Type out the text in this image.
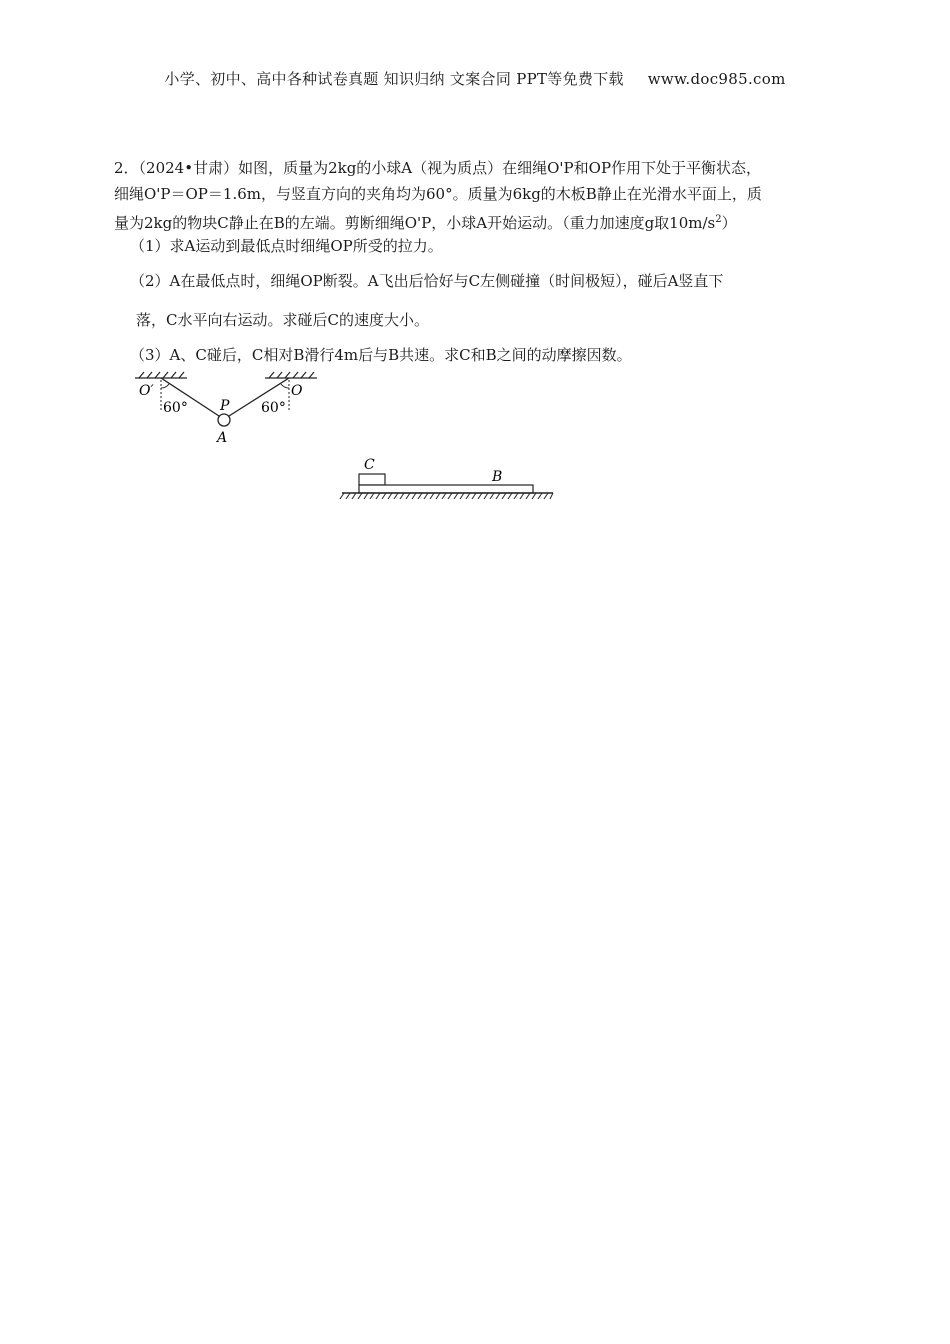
小学、初中、高中各种试卷真题 知识归纳 文案合同 PPT等免费下载 www.doc985.com
2．（2024•甘肃）如图，质量为2kg的小球A（视为质点）在细绳O'P和OP作用下处于平衡状态，
细绳O'P＝OP＝1.6m，与竖直方向的夹角均为60°。质量为6kg的木板B静止在光滑水平面上，质
量为2kg的物块C静止在B的左端。剪断细绳O'P，小球A开始运动。（重力加速度g取$10m/s^2$）
（1）求A运动到最低点时细绳OP所受的拉力。
（2）A在最低点时，细绳OP断裂。A飞出后恰好与C左侧碰撞（时间极短），碰后A竖直下
落，C水平向右运动。求碰后C的速度大小。
（3）A、C碰后，C相对B滑行4m后与B共速。求C和B之间的动摩擦因数。
O′	O
P
A
60°	60°
C
B
